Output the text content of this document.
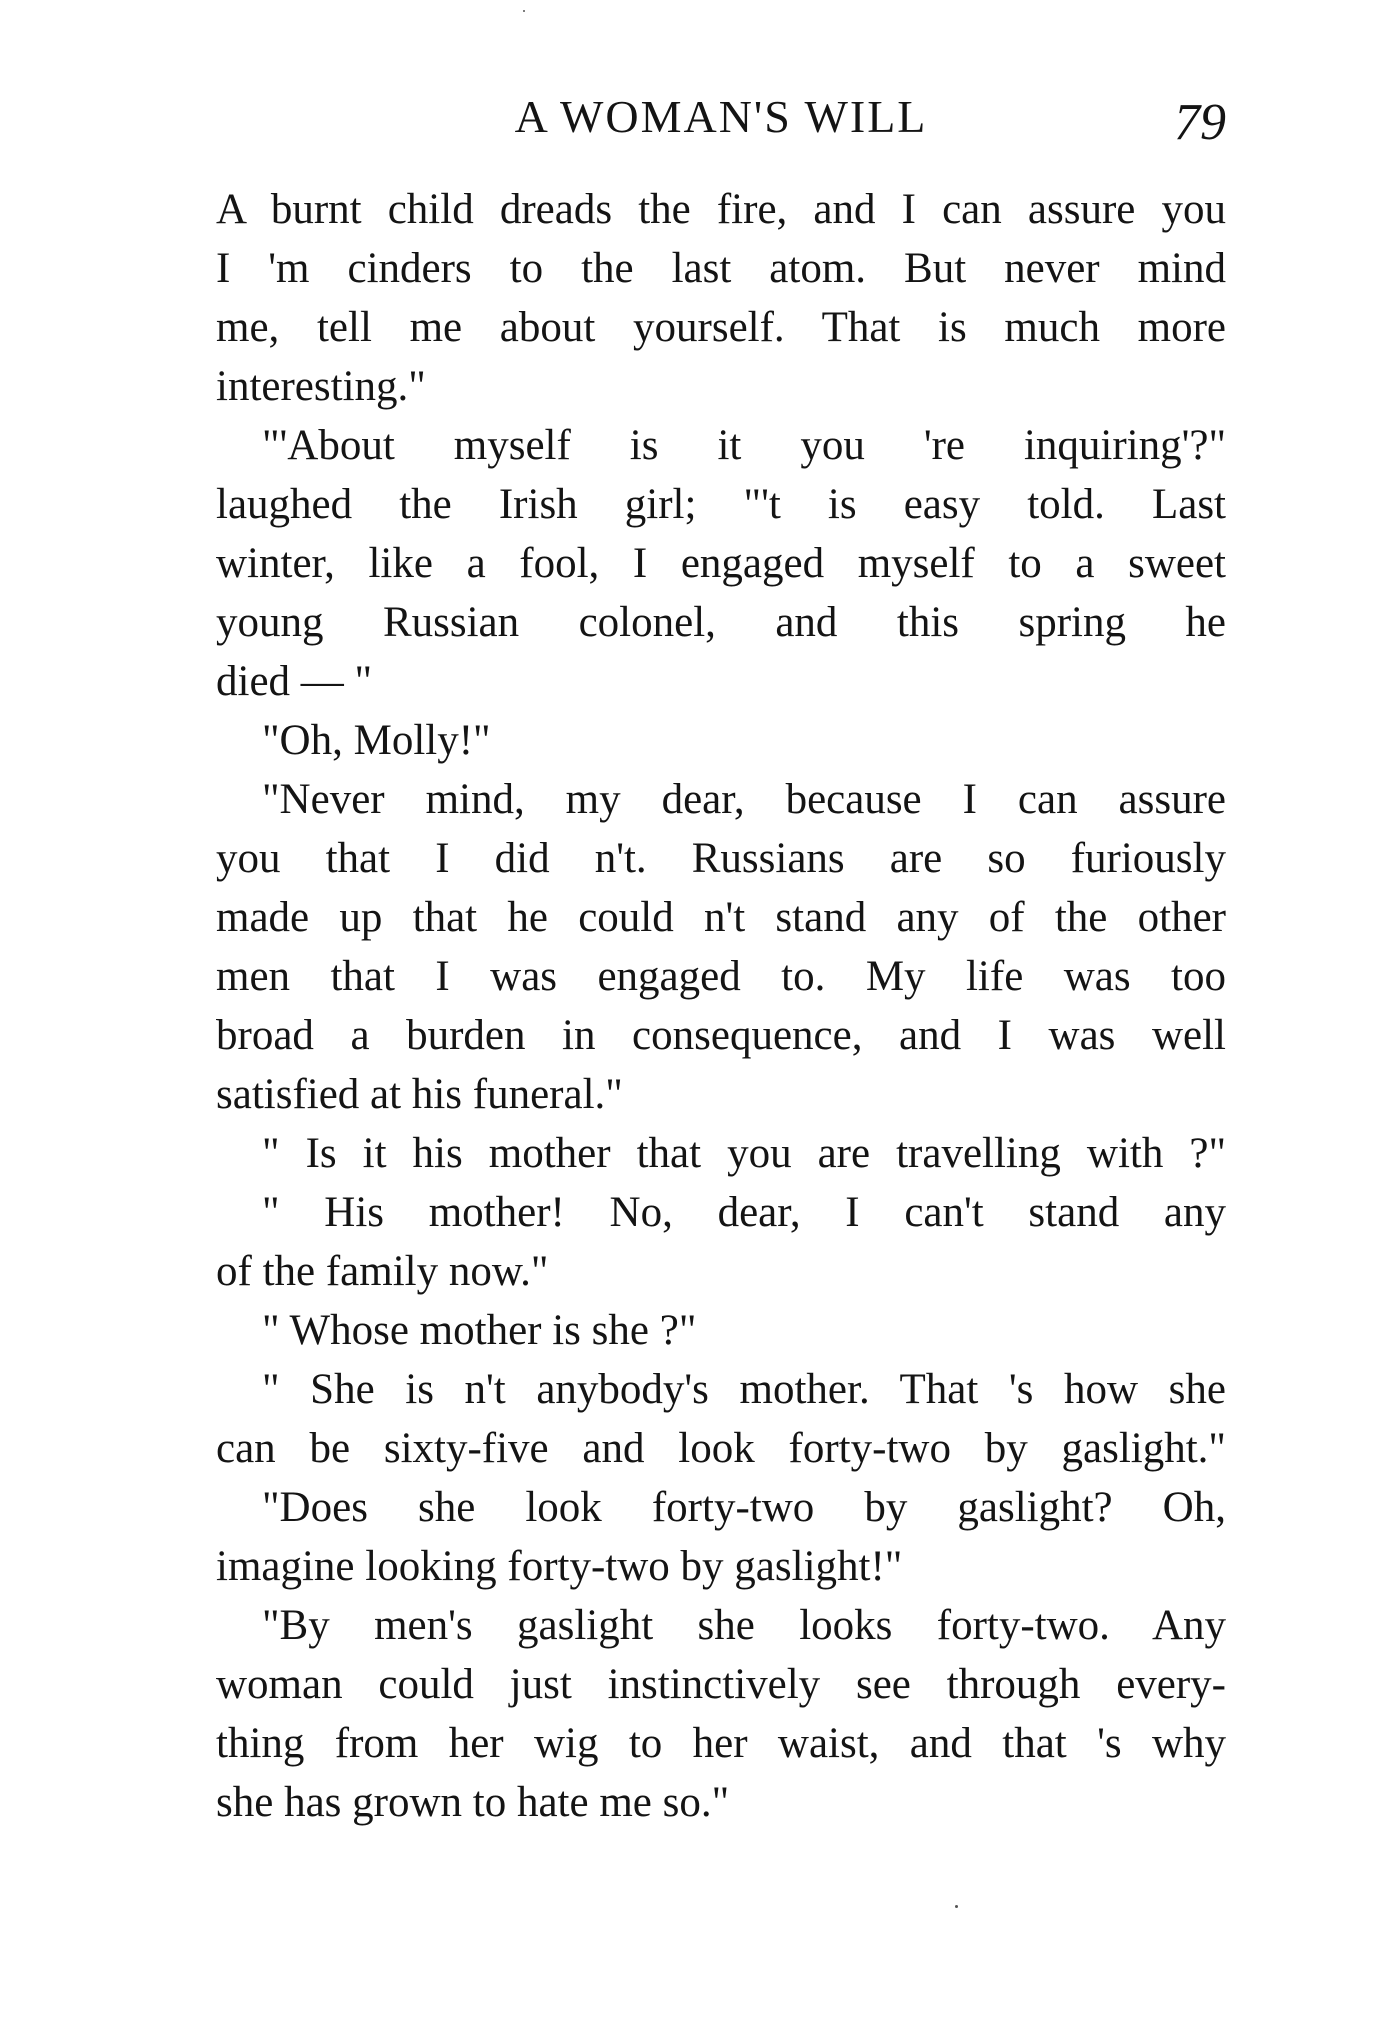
A WOMAN'S WILL	79
A burnt child dreads the fire, and I can assure you
I 'm cinders to the last atom. But never mind
me, tell me about yourself. That is much more
interesting."
"'About myself is it you 're inquiring'?"
laughed the Irish girl; "'t is easy told. Last
winter, like a fool, I engaged myself to a sweet
young Russian colonel, and this spring he
died — "
"Oh, Molly!"
"Never mind, my dear, because I can assure
you that I did n't. Russians are so furiously
made up that he could n't stand any of the other
men that I was engaged to. My life was too
broad a burden in consequence, and I was well
satisfied at his funeral."
" Is it his mother that you are travelling with ?"
" His mother! No, dear, I can't stand any
of the family now."
" Whose mother is she ?"
" She is n't anybody's mother. That 's how she
can be sixty-five and look forty-two by gaslight."
"Does she look forty-two by gaslight? Oh,
imagine looking forty-two by gaslight!"
"By men's gaslight she looks forty-two. Any
woman could just instinctively see through every-
thing from her wig to her waist, and that 's why
she has grown to hate me so."
